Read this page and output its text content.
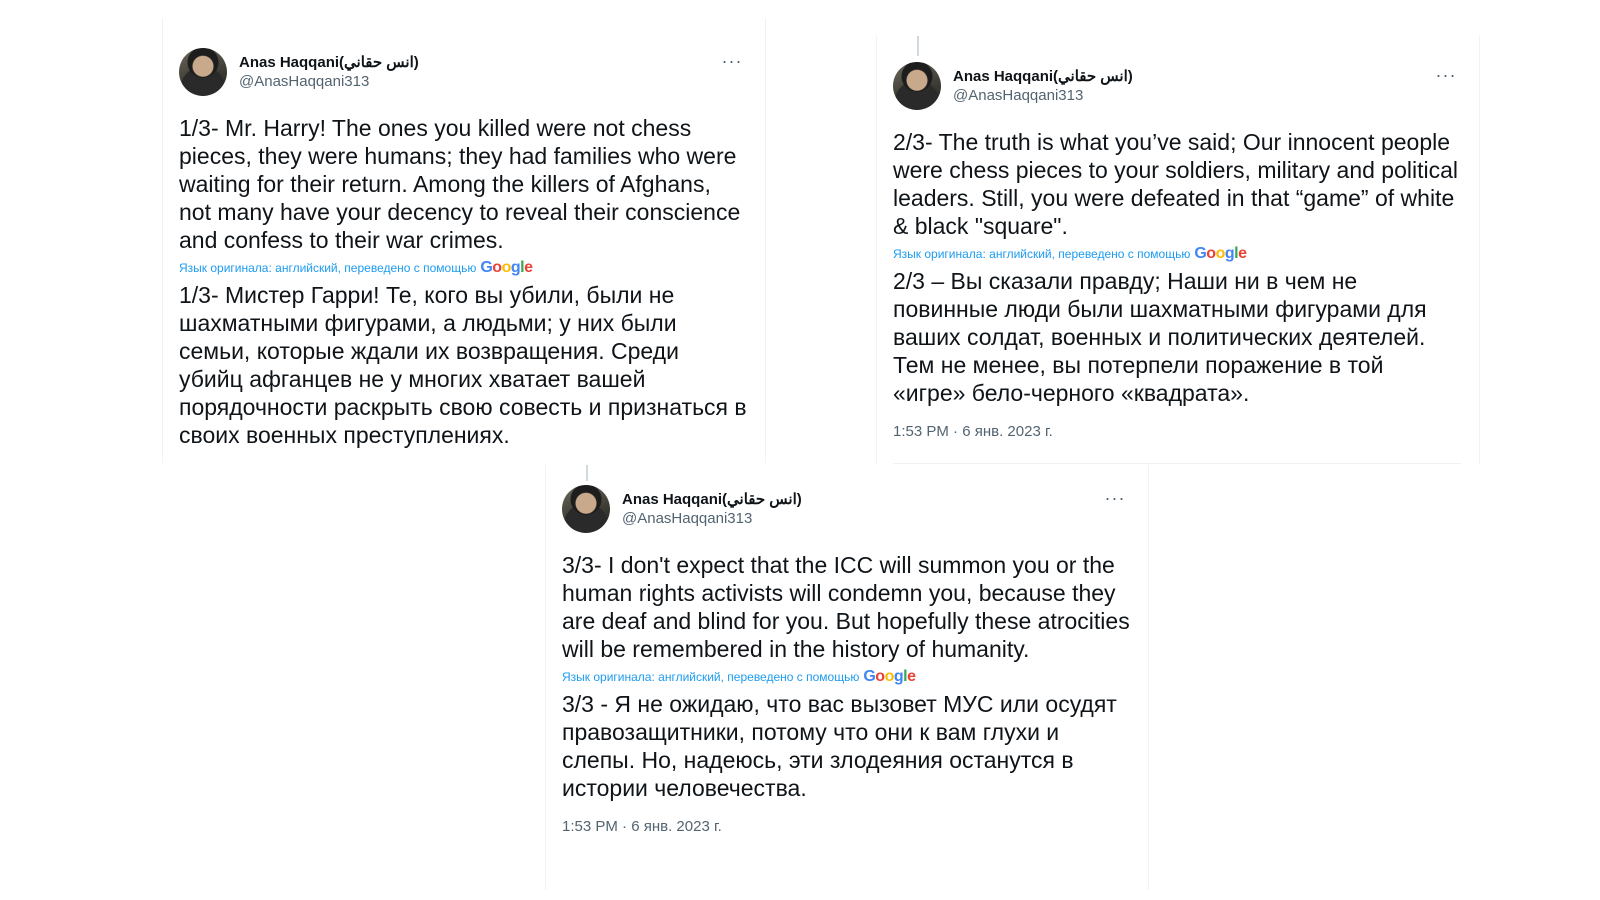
Anas Haqqani(انس حقاني)
@AnasHaqqani313
···

1/3- Mr. Harry! The ones you killed were not chess pieces, they were humans; they had families who were waiting for their return. Among the killers of Afghans, not many have your decency to reveal their conscience and confess to their war crimes.

Язык оригинала: английский, переведено с помощью Google

1/3- Мистер Гарри! Те, кого вы убили, были не шахматными фигурами, а людьми; у них были семьи, которые ждали их возвращения. Среди убийц афганцев не у многих хватает вашей порядочности раскрыть свою совесть и признаться в своих военных преступлениях.

Anas Haqqani(انس حقاني)
@AnasHaqqani313
···

2/3- The truth is what you’ve said; Our innocent people were chess pieces to your soldiers, military and political leaders. Still, you were defeated in that “game” of white & black "square".

Язык оригинала: английский, переведено с помощью Google

2/3 – Вы сказали правду; Наши ни в чем не повинные люди были шахматными фигурами для ваших солдат, военных и политических деятелей. Тем не менее, вы потерпели поражение в той «игре» бело-черного «квадрата».

1:53 PM · 6 янв. 2023 г.
Anas Haqqani(انس حقاني)
@AnasHaqqani313
···

3/3- I don't expect that the ICC will summon you or the human rights activists will condemn you, because they are deaf and blind for you. But hopefully these atrocities will be remembered in the history of humanity.

Язык оригинала: английский, переведено с помощью Google

3/3 - Я не ожидаю, что вас вызовет МУС или осудят правозащитники, потому что они к вам глухи и слепы. Но, надеюсь, эти злодеяния останутся в истории человечества.

1:53 PM · 6 янв. 2023 г.
